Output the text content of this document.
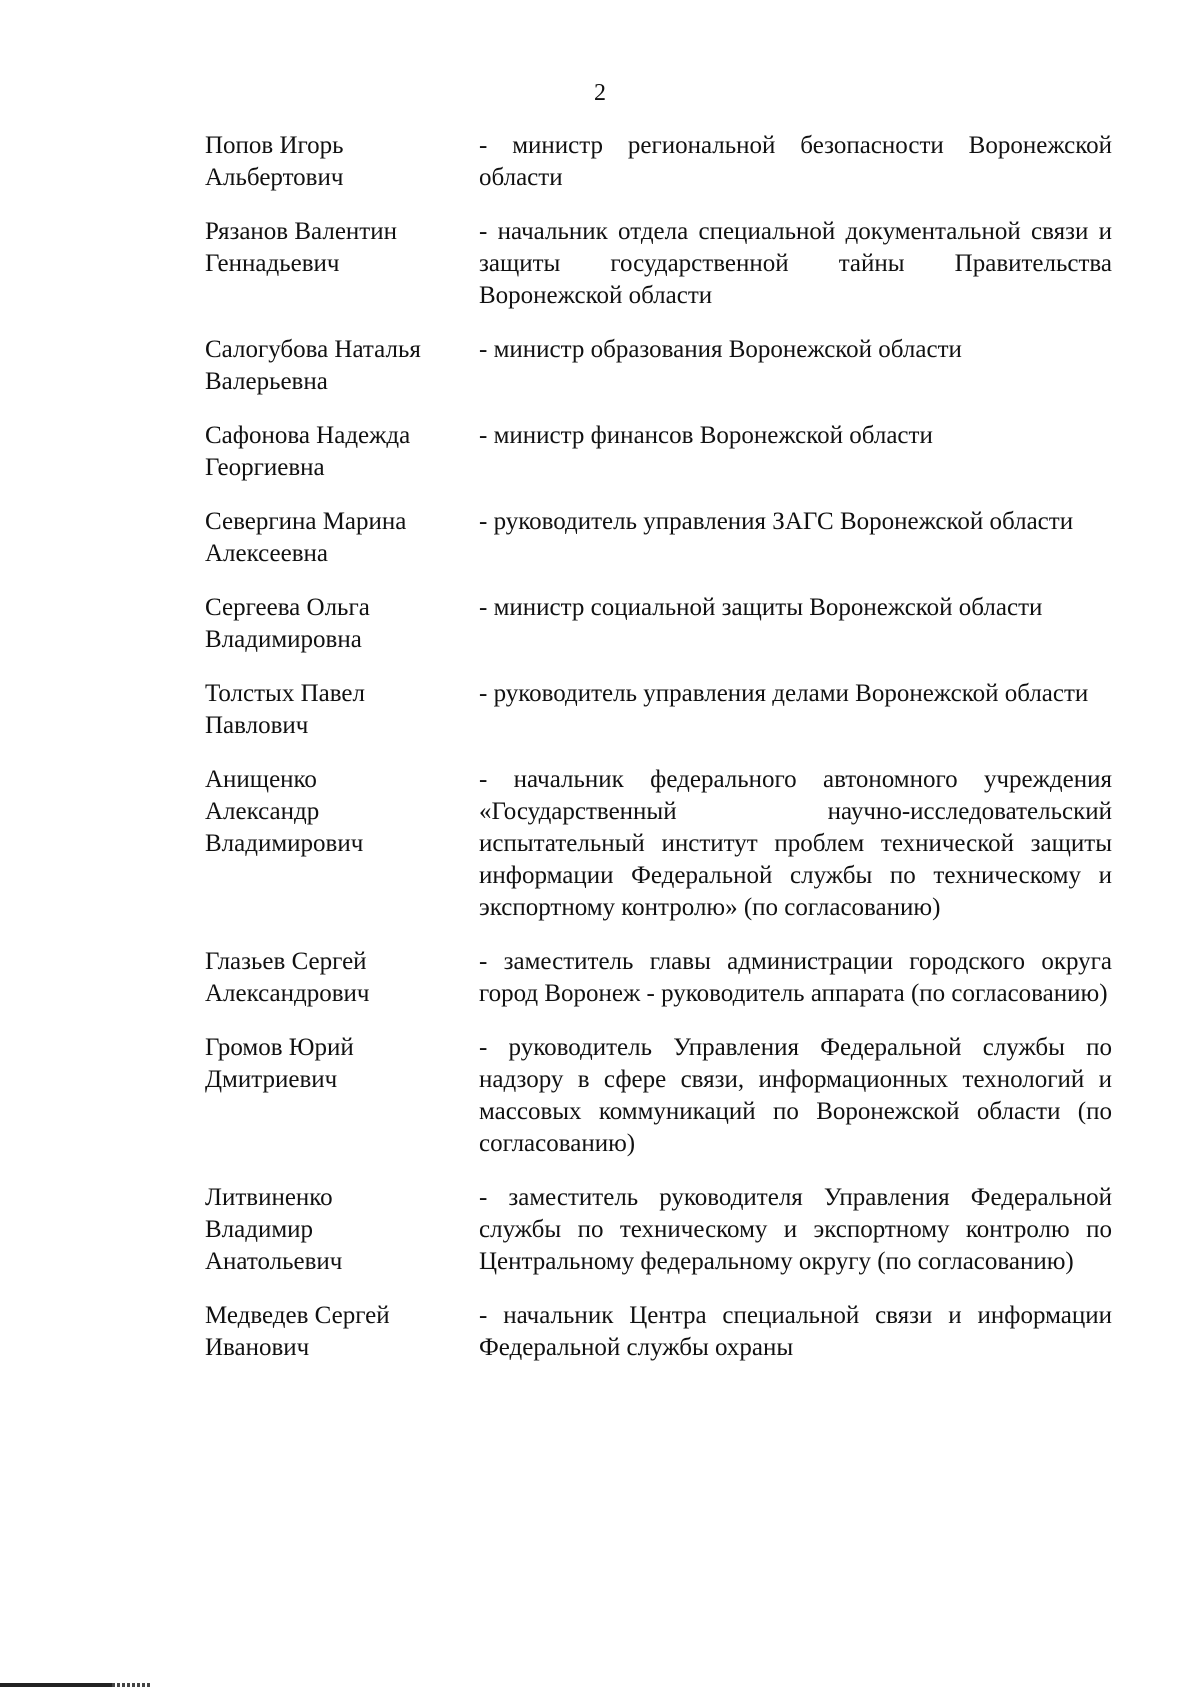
2
Попов Игорь
Альбертович
- министр региональной безопасности Воронежской области
Рязанов Валентин
Геннадьевич
- начальник отдела специальной документальной связи и защиты государственной тайны Правительства Воронежской области
Салогубова Наталья
Валерьевна
- министр образования Воронежской области
Сафонова Надежда
Георгиевна
- министр финансов Воронежской области
Севергина Марина
Алексеевна
- руководитель управления ЗАГС Воронежской области
Сергеева Ольга
Владимировна
- министр социальной защиты Воронежской области
Толстых Павел
Павлович
- руководитель управления делами Воронежской области
Анищенко
Александр
Владимирович
- начальник федерального автономного учреждения «Государственный научно-исследовательский испытательный институт проблем технической защиты информации Федеральной службы по техническому и экспортному контролю» (по согласованию)
Глазьев Сергей
Александрович
- заместитель главы администрации городского округа город Воронеж - руководитель аппарата (по согласованию)
Громов Юрий
Дмитриевич
- руководитель Управления Федеральной службы по надзору в сфере связи, информационных технологий и массовых коммуникаций по Воронежской области (по согласованию)
Литвиненко
Владимир
Анатольевич
- заместитель руководителя Управления Федеральной службы по техническому и экспортному контролю по Центральному федеральному округу (по согласованию)
Медведев Сергей
Иванович
- начальник Центра специальной связи и информации Федеральной службы охраны
